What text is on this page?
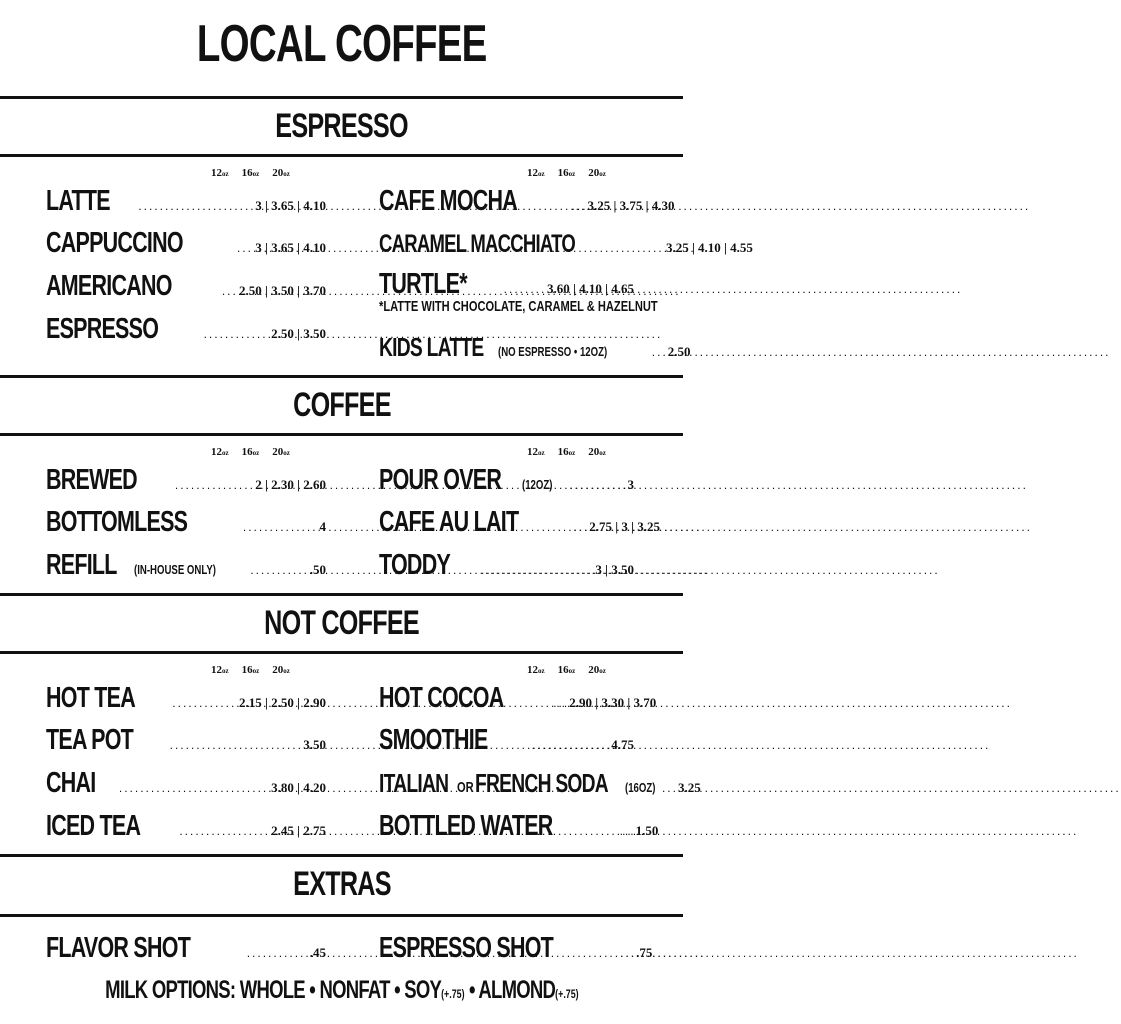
LOCAL COFFEE
ESPRESSO
12oz 16oz 20oz	12oz 16oz 20oz
LATTE .....	3 | 3.65 | 4.10
CAPPUCCINO .....	3 | 3.65 | 4.10
AMERICANO .....	2.50 | 3.50 | 3.70
ESPRESSO .....	2.50 | 3.50
CAFE MOCHA .....	3.25 | 3.75 | 4.30
CARAMEL MACCHIATO	3.25 | 4.10 | 4.55
TURTLE* .....	3.60 | 4.10 | 4.65
*LATTE WITH CHOCOLATE, CARAMEL & HAZELNUT
KIDS LATTE (NO ESPRESSO • 12OZ) .....	2.50
COFFEE
12oz 16oz 20oz	12oz 16oz 20oz
BREWED .....	2 | 2.30 | 2.60
BOTTOMLESS .....	4
REFILL (IN-HOUSE ONLY) .....	.50
POUR OVER (12OZ) .....	3
CAFE AU LAIT .....	2.75 | 3 | 3.25
TODDY .....	3 | 3.50
NOT COFFEE
12oz 16oz 20oz	12oz 16oz 20oz
HOT TEA .....	2.15 | 2.50 | 2.90
TEA POT .....	3.50
CHAI .....	3.80 | 4.20
ICED TEA .....	2.45 | 2.75
HOT COCOA .....	2.90 | 3.30 | 3.70
SMOOTHIE .....	4.75
ITALIAN ORFRENCH SODA (16OZ) .....	3.25
BOTTLED WATER .....	1.50
EXTRAS
FLAVOR SHOT .....	.45 ESPRESSO SHOT .....	.75
MILK OPTIONS: WHOLE • NONFAT • SOY(+.75) • ALMOND(+.75)
